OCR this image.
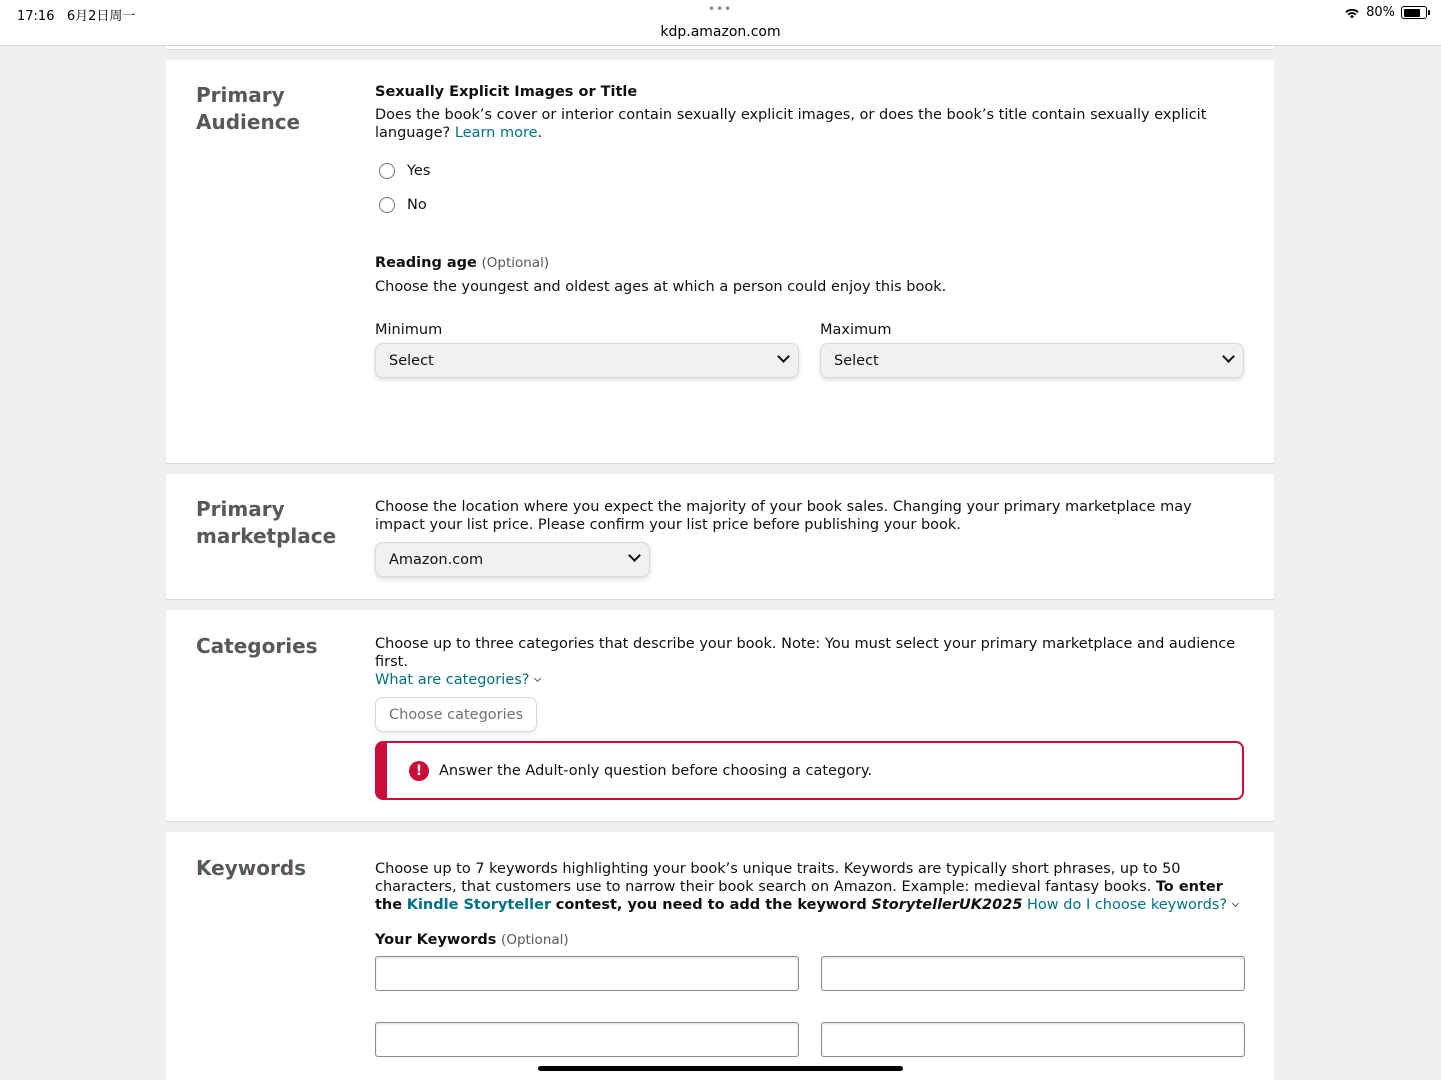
17:16 6月2日周一	•••
kdp.amazon.com
80%
Primary
Audience
Sexually Explicit Images or Title
Does the book’s cover or interior contain sexually explicit images, or does the book’s title contain sexually explicit language? Learn more.
Yes
No
Reading age (Optional)
Choose the youngest and oldest ages at which a person could enjoy this book.
Minimum	Maximum
Select	Select
Primary
marketplace
Choose the location where you expect the majority of your book sales. Changing your primary marketplace may impact your list price. Please confirm your list price before publishing your book.
Amazon.com
Categories	Choose up to three categories that describe your book. Note: You must select your primary marketplace and audience first.
What are categories?
Choose categories
!	Answer the Adult-only question before choosing a category.
Keywords	Choose up to 7 keywords highlighting your book’s unique traits. Keywords are typically short phrases, up to 50 characters, that customers use to narrow their book search on Amazon. Example: medieval fantasy books. To enter the Kindle Storyteller contest, you need to add the keyword StorytellerUK2025 How do I choose keywords?
Your Keywords (Optional)
